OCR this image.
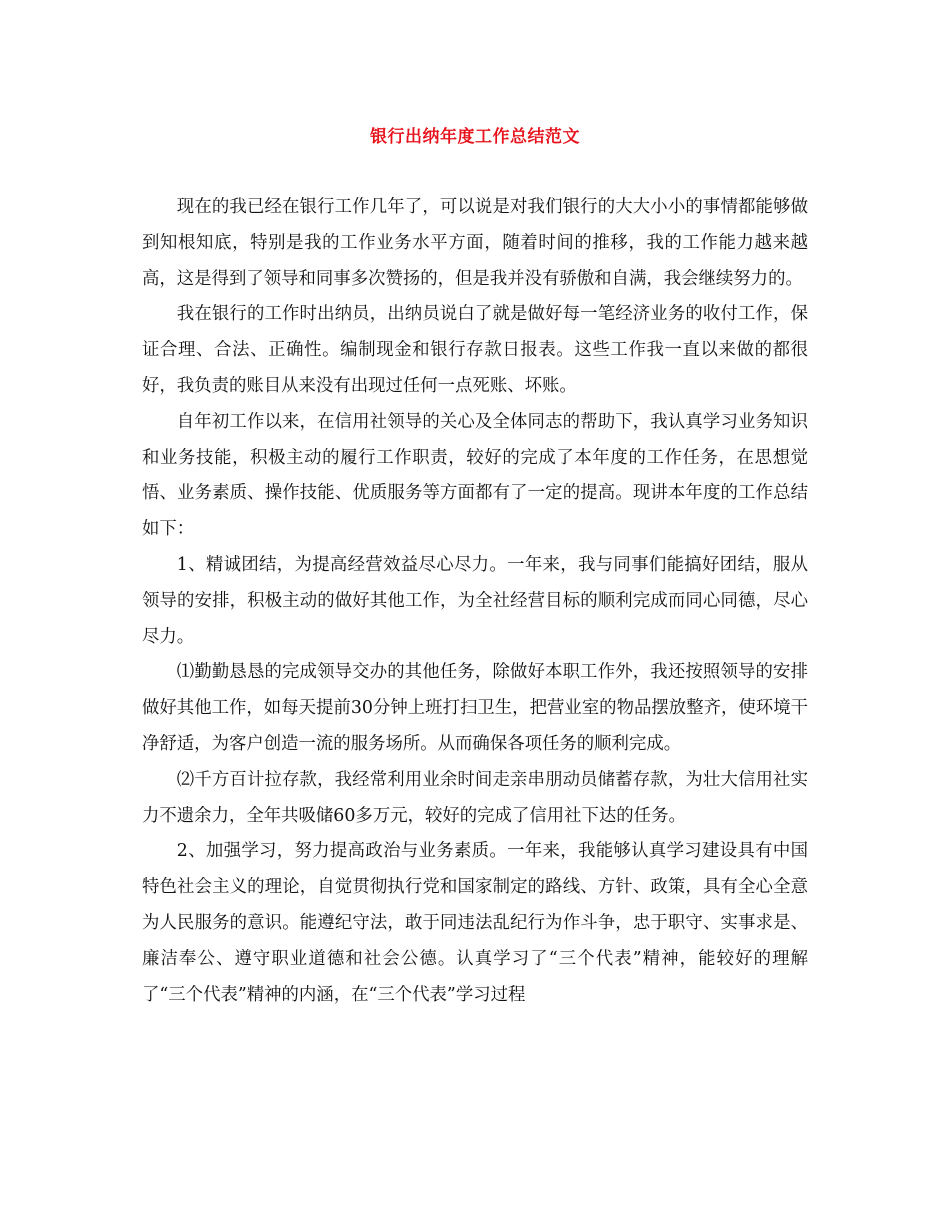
银行出纳年度工作总结范文

现在的我已经在银行工作几年了，可以说是对我们银行的大大小小的事情都能够做到知根知底，特别是我的工作业务水平方面，随着时间的推移，我的工作能力越来越高，这是得到了领导和同事多次赞扬的，但是我并没有骄傲和自满，我会继续努力的。

我在银行的工作时出纳员，出纳员说白了就是做好每一笔经济业务的收付工作，保证合理、合法、正确性。编制现金和银行存款日报表。这些工作我一直以来做的都很好，我负责的账目从来没有出现过任何一点死账、坏账。

自年初工作以来，在信用社领导的关心及全体同志的帮助下，我认真学习业务知识和业务技能，积极主动的履行工作职责，较好的完成了本年度的工作任务，在思想觉悟、业务素质、操作技能、优质服务等方面都有了一定的提高。现讲本年度的工作总结如下：

1、精诚团结，为提高经营效益尽心尽力。一年来，我与同事们能搞好团结，服从领导的安排，积极主动的做好其他工作，为全社经营目标的顺利完成而同心同德，尽心尽力。

⑴勤勤恳恳的完成领导交办的其他任务，除做好本职工作外，我还按照领导的安排做好其他工作，如每天提前30分钟上班打扫卫生，把营业室的物品摆放整齐，使环境干净舒适，为客户创造一流的服务场所。从而确保各项任务的顺利完成。

⑵千方百计拉存款，我经常利用业余时间走亲串朋动员储蓄存款，为壮大信用社实力不遗余力，全年共吸储60多万元，较好的完成了信用社下达的任务。

2、加强学习，努力提高政治与业务素质。一年来，我能够认真学习建设具有中国特色社会主义的理论，自觉贯彻执行党和国家制定的路线、方针、政策，具有全心全意为人民服务的意识。能遵纪守法，敢于同违法乱纪行为作斗争，忠于职守、实事求是、廉洁奉公、遵守职业道德和社会公德。认真学习了“三个代表”精神，能较好的理解了“三个代表”精神的内涵，在“三个代表”学习过程
